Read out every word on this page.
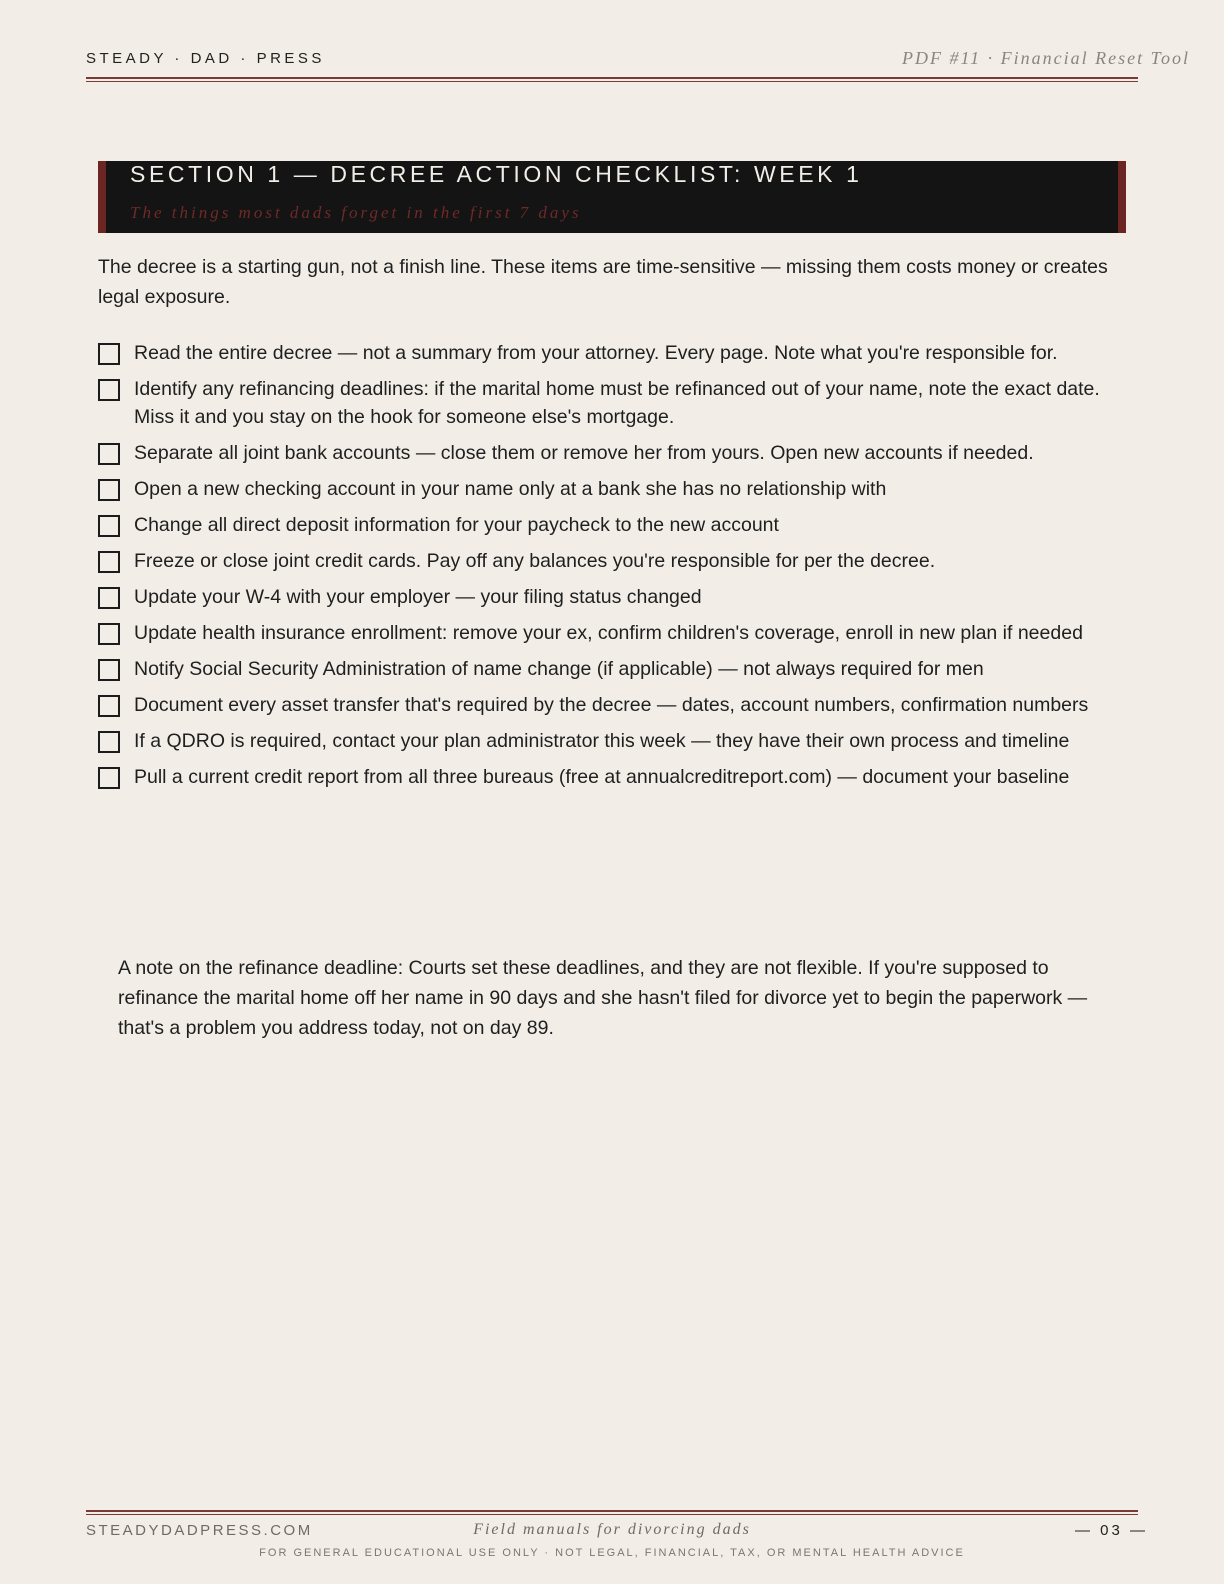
STEADY · DAD · PRESS	PDF #11 · Financial Reset Tool
SECTION 1 — DECREE ACTION CHECKLIST: WEEK 1
The things most dads forget in the first 7 days
The decree is a starting gun, not a finish line. These items are time-sensitive — missing them costs money or creates legal exposure.
Read the entire decree — not a summary from your attorney. Every page. Note what you're responsible for.
Identify any refinancing deadlines: if the marital home must be refinanced out of your name, note the exact date. Miss it and you stay on the hook for someone else's mortgage.
Separate all joint bank accounts — close them or remove her from yours. Open new accounts if needed.
Open a new checking account in your name only at a bank she has no relationship with
Change all direct deposit information for your paycheck to the new account
Freeze or close joint credit cards. Pay off any balances you're responsible for per the decree.
Update your W-4 with your employer — your filing status changed
Update health insurance enrollment: remove your ex, confirm children's coverage, enroll in new plan if needed
Notify Social Security Administration of name change (if applicable) — not always required for men
Document every asset transfer that's required by the decree — dates, account numbers, confirmation numbers
If a QDRO is required, contact your plan administrator this week — they have their own process and timeline
Pull a current credit report from all three bureaus (free at annualcreditreport.com) — document your baseline
A note on the refinance deadline: Courts set these deadlines, and they are not flexible. If you're supposed to refinance the marital home off her name in 90 days and she hasn't filed for divorce yet to begin the paperwork — that's a problem you address today, not on day 89.
STEADYDADPRESS.COM	Field manuals for divorcing dads	— 03 —
FOR GENERAL EDUCATIONAL USE ONLY · NOT LEGAL, FINANCIAL, TAX, OR MENTAL HEALTH ADVICE
